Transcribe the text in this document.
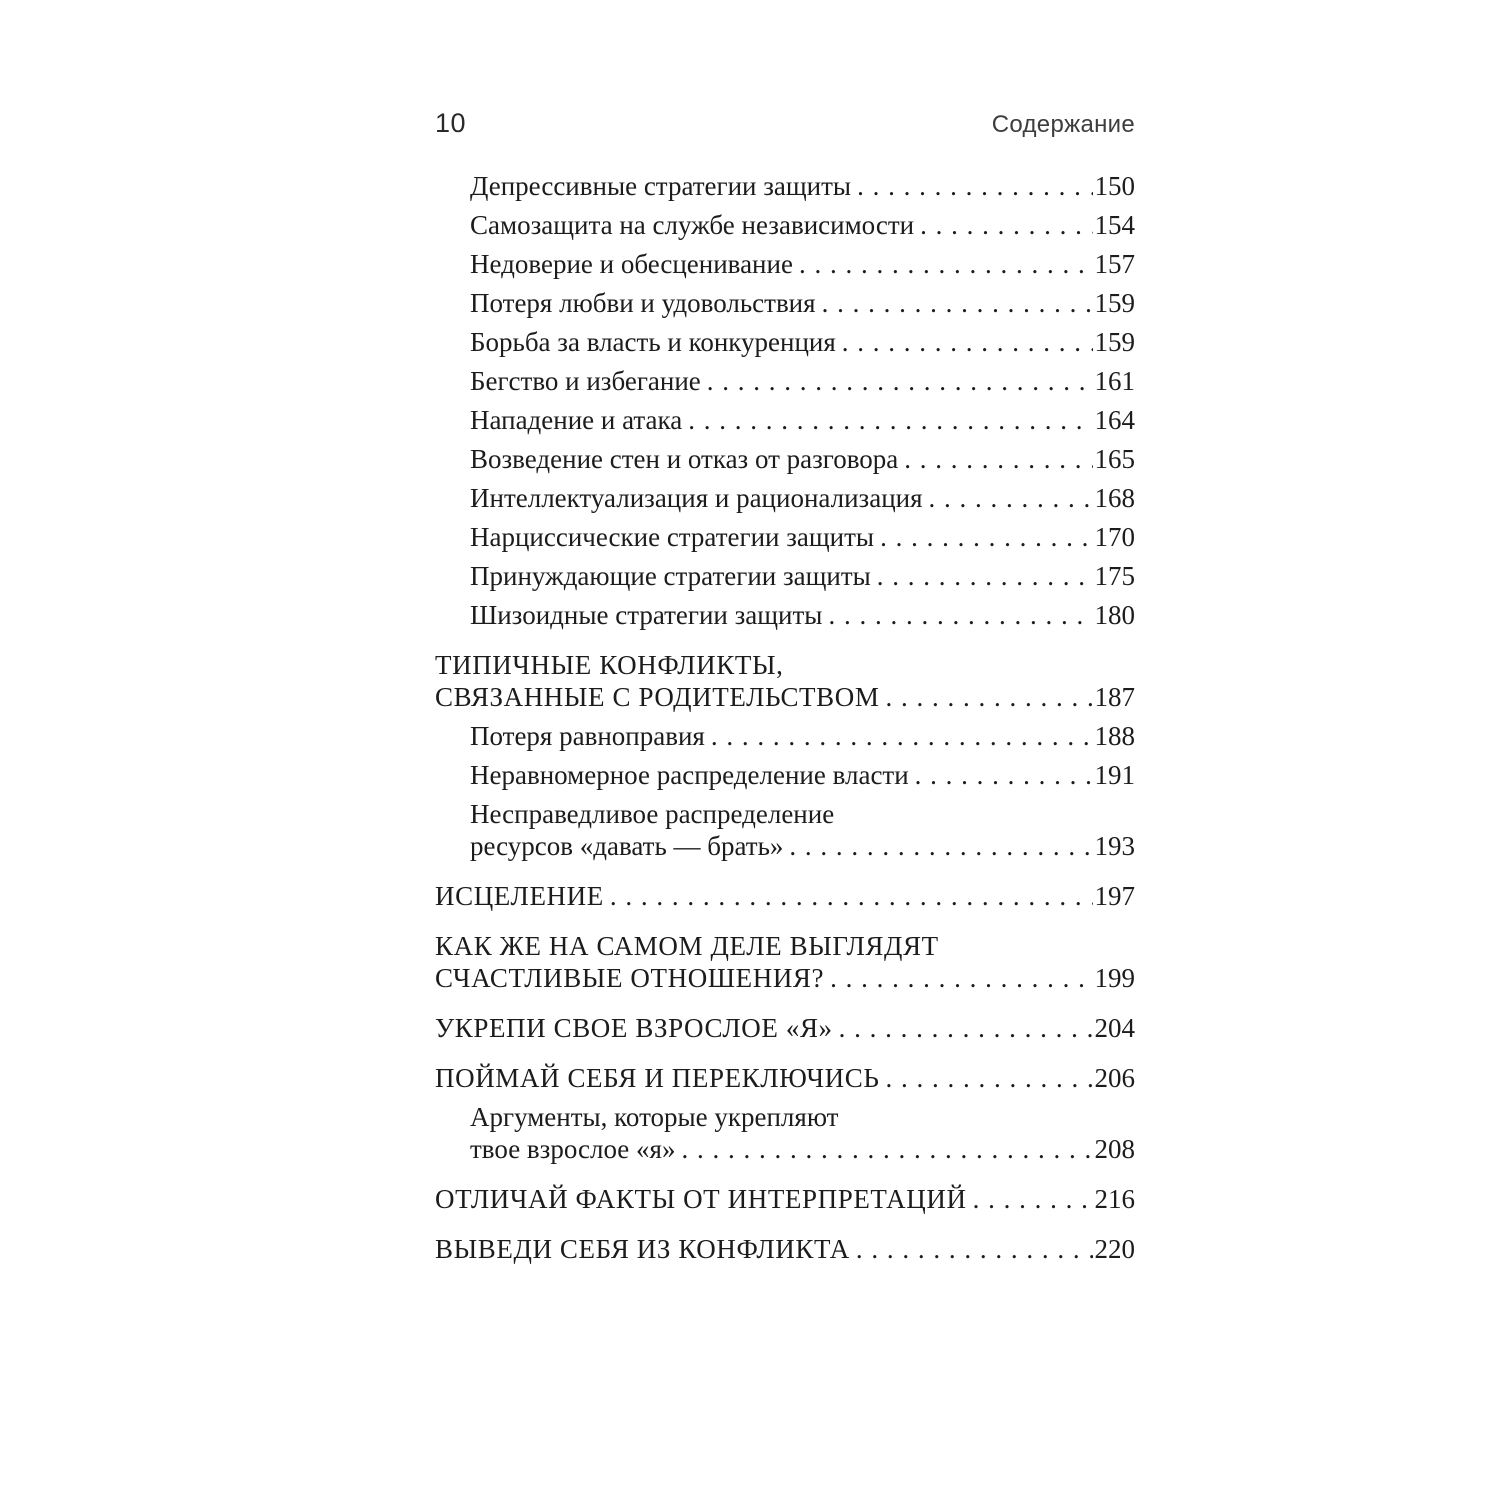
10	Содержание
Депрессивные стратегии защиты . . .	150
Самозащита на службе независимости . . .	154
Недоверие и обесценивание . . .	157
Потеря любви и удовольствия . . .	159
Борьба за власть и конкуренция . . .	159
Бегство и избегание . . .	161
Нападение и атака . . .	164
Возведение стен и отказ от разговора . . .	165
Интеллектуализация и рационализация . . .	168
Нарциссические стратегии защиты . . .	170
Принуждающие стратегии защиты . . .	175
Шизоидные стратегии защиты . . .	180
ТИПИЧНЫЕ КОНФЛИКТЫ,
СВЯЗАННЫЕ С РОДИТЕЛЬСТВОМ . . .	187
Потеря равноправия . . .	188
Неравномерное распределение власти . . .	191
Несправедливое распределение
ресурсов «давать — брать» . . .	193
ИСЦЕЛЕНИЕ . . .	197
КАК ЖЕ НА САМОМ ДЕЛЕ ВЫГЛЯДЯТ
СЧАСТЛИВЫЕ ОТНОШЕНИЯ? . . .	199
УКРЕПИ СВОЕ ВЗРОСЛОЕ «Я» . . .	204
ПОЙМАЙ СЕБЯ И ПЕРЕКЛЮЧИСЬ . . .	206
Аргументы, которые укрепляют
твое взрослое «я» . . .	208
ОТЛИЧАЙ ФАКТЫ ОТ ИНТЕРПРЕТАЦИЙ . . .	216
ВЫВЕДИ СЕБЯ ИЗ КОНФЛИКТА . . .	220
